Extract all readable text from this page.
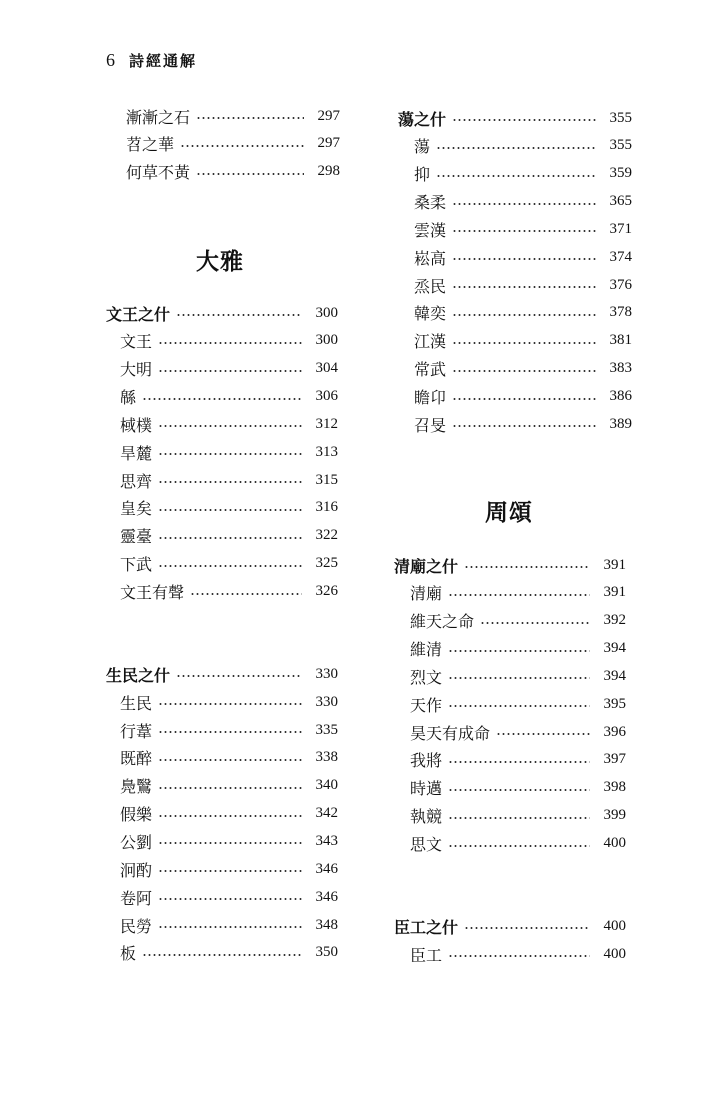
6 詩經通解
漸漸之石	297
苕之華	297
何草不黃	298
大雅
文王之什	300
文王	300
大明	304
緜	306
棫樸	312
旱麓	313
思齊	315
皇矣	316
靈臺	322
下武	325
文王有聲	326
生民之什	330
生民	330
行葦	335
既醉	338
鳧鷖	340
假樂	342
公劉	343
泂酌	346
卷阿	346
民勞	348
板	350
蕩之什	355
蕩	355
抑	359
桑柔	365
雲漢	371
崧高	374
烝民	376
韓奕	378
江漢	381
常武	383
瞻卬	386
召旻	389
周頌
清廟之什	391
清廟	391
維天之命	392
維清	394
烈文	394
天作	395
昊天有成命	396
我將	397
時邁	398
執競	399
思文	400
臣工之什	400
臣工	400
